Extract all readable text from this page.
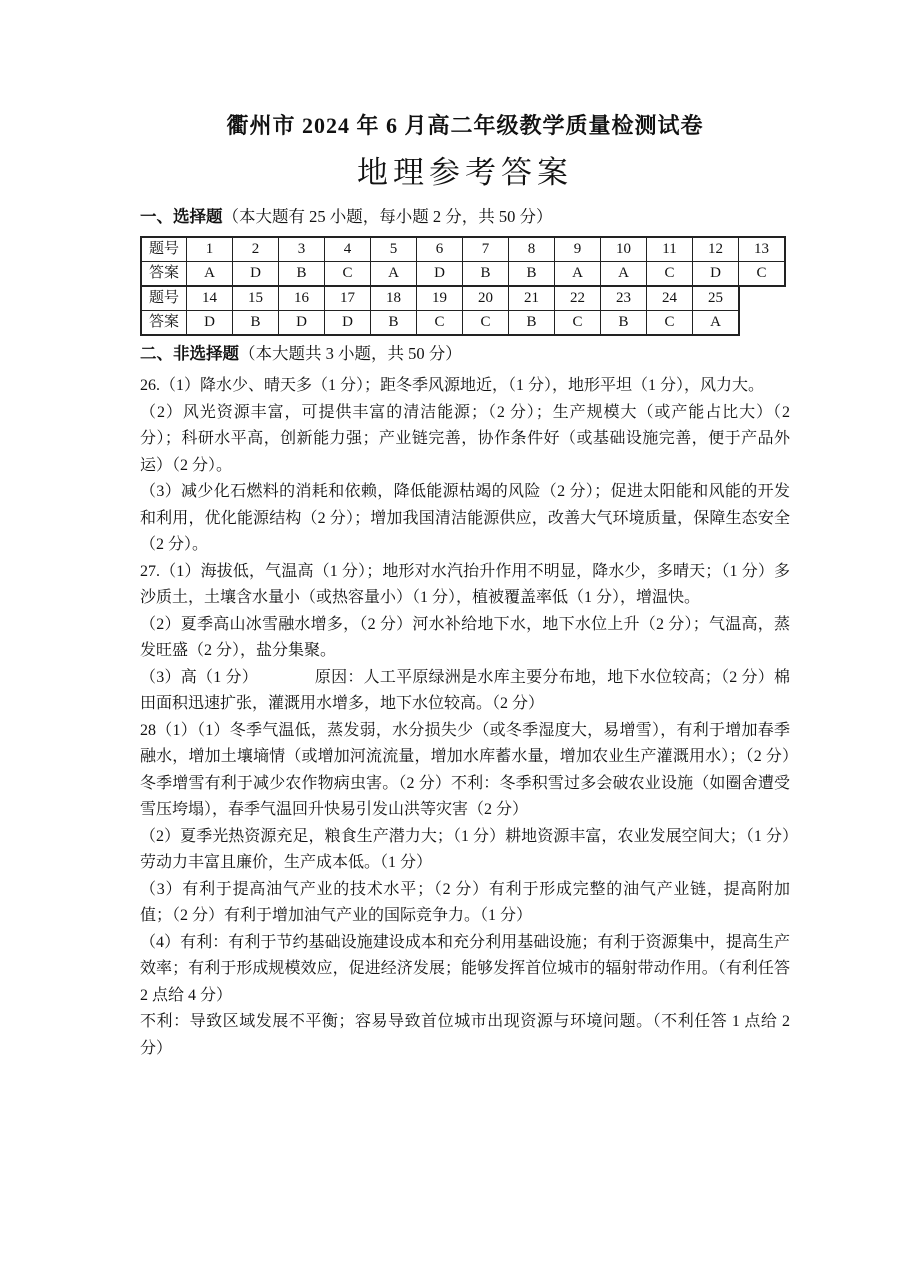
衢州市 2024 年 6 月高二年级教学质量检测试卷
地理参考答案

一、选择题（本大题有 25 小题，每小题 2 分，共 50 分）

题号	1	2	3	4	5	6	7	8	9	10	11	12	13
答案	A	D	B	C	A	D	B	B	A	A	C	D	C
题号	14	15	16	17	18	19	20	21	22	23	24	25
答案	D	B	D	D	B	C	C	B	C	B	C	A

二、非选择题（本大题共 3 小题，共 50 分）

26.（1）降水少、晴天多（1 分）；距冬季风源地近，（1 分），地形平坦（1 分），风力大。

（2）风光资源丰富，可提供丰富的清洁能源；（2 分）；生产规模大（或产能占比大）（2 分）；科研水平高，创新能力强；产业链完善，协作条件好（或基础设施完善，便于产品外运）（2 分）。

（3）减少化石燃料的消耗和依赖，降低能源枯竭的风险（2 分）；促进太阳能和风能的开发和利用，优化能源结构（2 分）；增加我国清洁能源供应，改善大气环境质量，保障生态安全（2 分）。

27.（1）海拔低，气温高（1 分）；地形对水汽抬升作用不明显，降水少，多晴天；（1 分）多沙质土，土壤含水量小（或热容量小）（1 分），植被覆盖率低（1 分），增温快。

（2）夏季高山冰雪融水增多，（2 分）河水补给地下水，地下水位上升（2 分）；气温高，蒸发旺盛（2 分），盐分集聚。

（3）高（1 分）　　　　原因：人工平原绿洲是水库主要分布地，地下水位较高；（2 分）棉田面积迅速扩张，灌溉用水增多，地下水位较高。（2 分）

28（1）（1）冬季气温低，蒸发弱，水分损失少（或冬季湿度大，易增雪），有利于增加春季融水，增加土壤墒情（或增加河流流量，增加水库蓄水量，增加农业生产灌溉用水）；（2 分）冬季增雪有利于减少农作物病虫害。（2 分）不利：冬季积雪过多会破农业设施（如圈舍遭受雪压垮塌），春季气温回升快易引发山洪等灾害（2 分）

（2）夏季光热资源充足，粮食生产潜力大；（1 分）耕地资源丰富，农业发展空间大；（1 分）劳动力丰富且廉价，生产成本低。（1 分）

（3）有利于提高油气产业的技术水平；（2 分）有利于形成完整的油气产业链，提高附加值；（2 分）有利于增加油气产业的国际竞争力。（1 分）

（4）有利：有利于节约基础设施建设成本和充分利用基础设施；有利于资源集中，提高生产效率；有利于形成规模效应，促进经济发展；能够发挥首位城市的辐射带动作用。（有利任答 2 点给 4 分）

不利：导致区域发展不平衡；容易导致首位城市出现资源与环境问题。（不利任答 1 点给 2 分）
